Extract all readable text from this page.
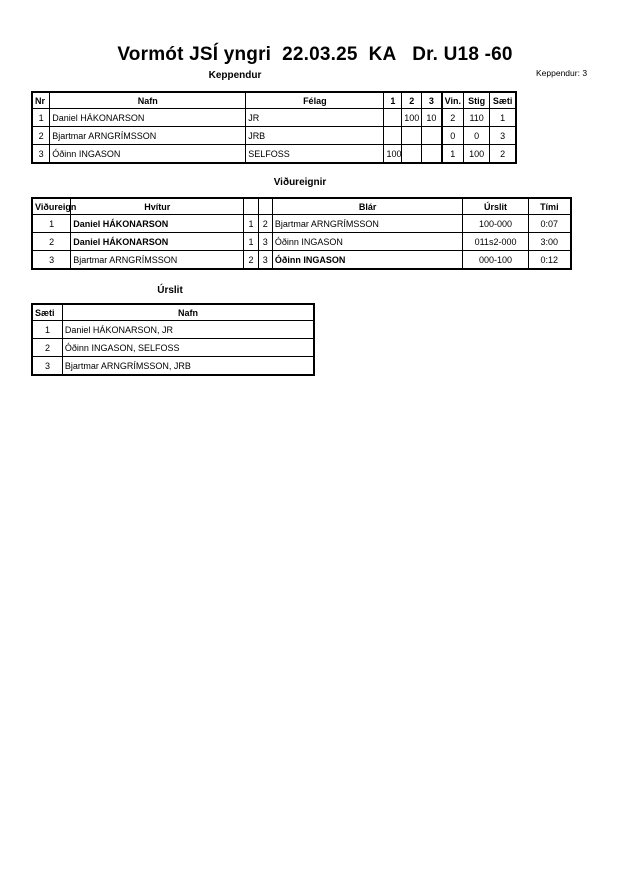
Vormót JSÍ yngri  22.03.25  KA   Dr. U18 -60
Keppendur: 3
Keppendur
Nr	Nafn	Félag	1	2	3	Vin.	Stig	Sæti
1	Daniel HÁKONARSON	JR		100	10	2	110	1
2	Bjartmar ARNGRÍMSSON	JRB				0	0	3
3	Óðinn INGASON	SELFOSS	100			1	100	2
Viðureignir
Viðureign	Hvítur			Blár	Úrslit	Tími
1	Daniel HÁKONARSON	1	2	Bjartmar ARNGRÍMSSON	100-000	0:07
2	Daniel HÁKONARSON	1	3	Óðinn INGASON	011s2-000	3:00
3	Bjartmar ARNGRÍMSSON	2	3	Óðinn INGASON	000-100	0:12
Úrslit
Sæti	Nafn
1	Daniel HÁKONARSON, JR
2	Óðinn INGASON, SELFOSS
3	Bjartmar ARNGRÍMSSON, JRB
